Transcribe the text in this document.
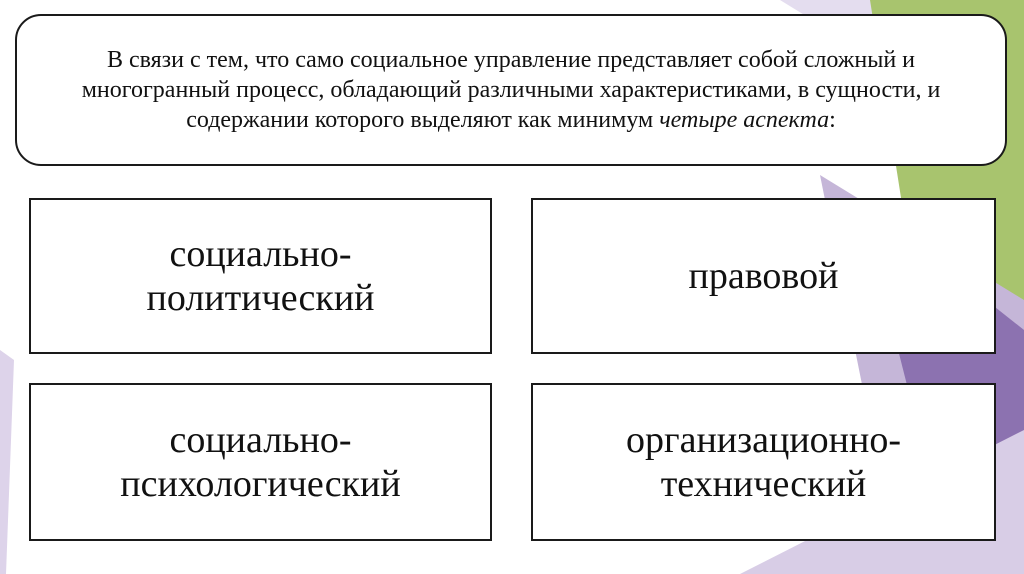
В связи с тем, что само социальное управление представляет собой сложный и многогранный процесс, обладающий различными характеристиками, в сущности, и содержании которого выделяют как минимум четыре аспекта:
социально-
политический
правовой
социально-
психологический
организационно-
технический
